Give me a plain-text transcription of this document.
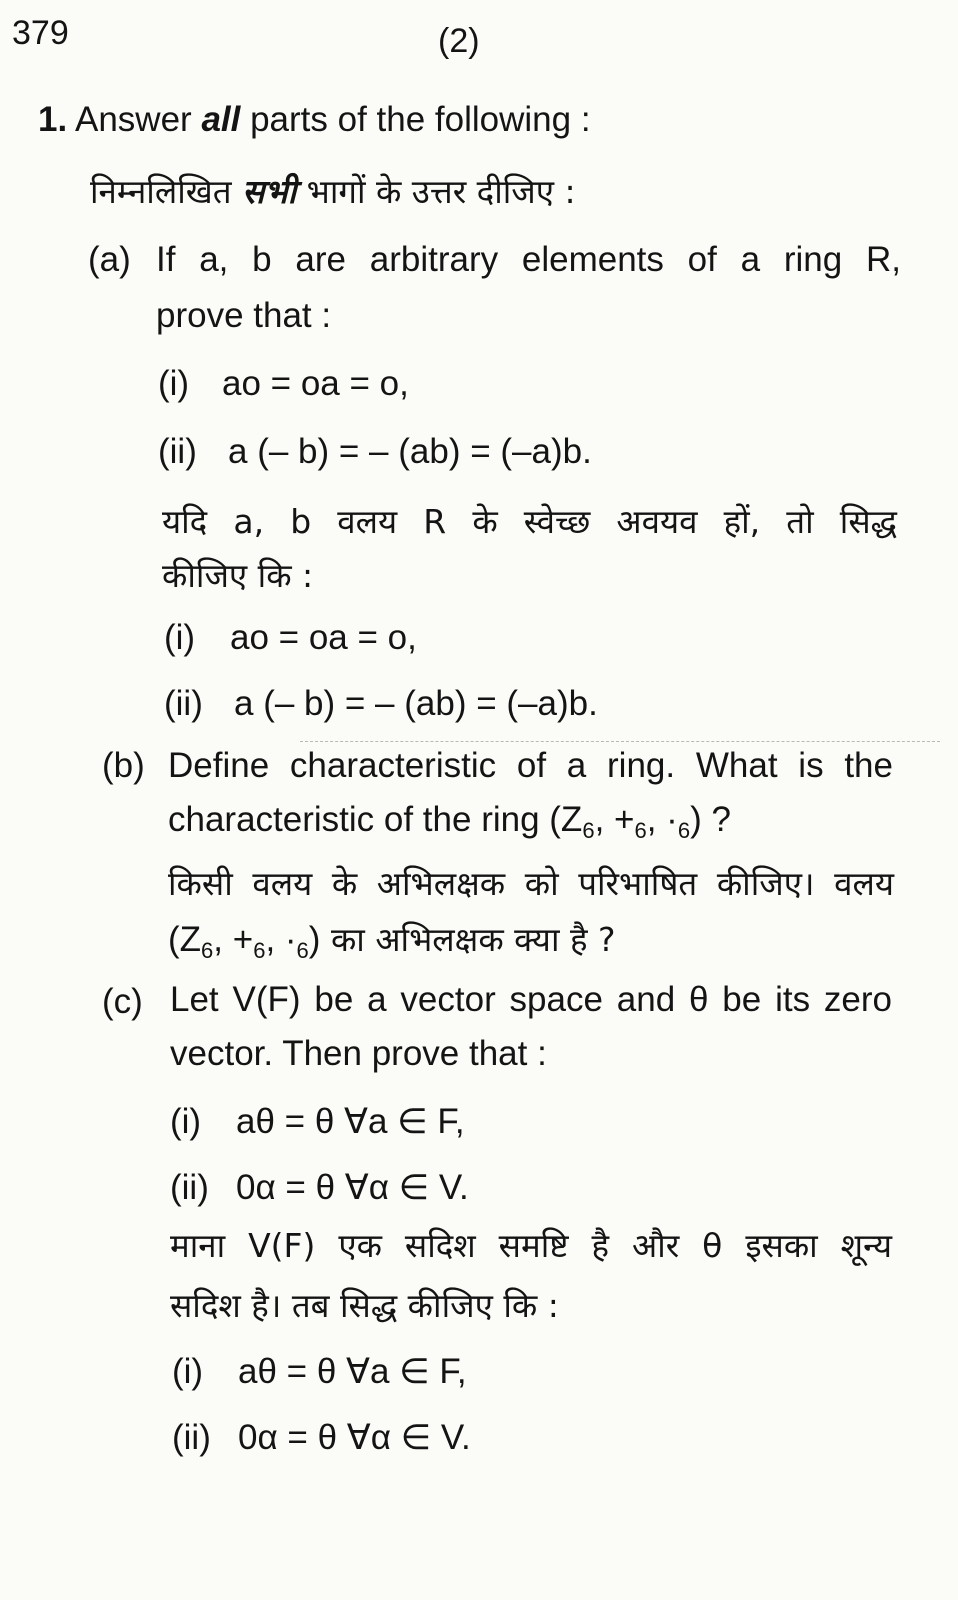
379	(2)
1. Answer all parts of the following :
निम्नलिखित सभी भागों के उत्तर दीजिए :
(a) If a, b are arbitrary elements of a ring R,
prove that :
(i) ao = oa = o,
(ii) a (– b) = – (ab) = (–a)b.
यदि a, b वलय R के स्वेच्छ अवयव हों, तो सिद्ध
कीजिए कि :
(i) ao = oa = o,
(ii) a (– b) = – (ab) = (–a)b.
(b) Define characteristic of a ring. What is the
characteristic of the ring ($Z_6$, $+_6$, $\cdot_6$) ?
किसी वलय के अभिलक्षक को परिभाषित कीजिए। वलय
($Z_6$, $+_6$, $\cdot_6$) का अभिलक्षक क्या है ?
(c) Let V(F) be a vector space and θ be its zero
vector. Then prove that :
(i) aθ = θ ∀a ∈ F,
(ii) 0α = θ ∀α ∈ V.
माना V(F) एक सदिश समष्टि है और θ इसका शून्य
सदिश है। तब सिद्ध कीजिए कि :
(i) aθ = θ ∀a ∈ F,
(ii) 0α = θ ∀α ∈ V.
